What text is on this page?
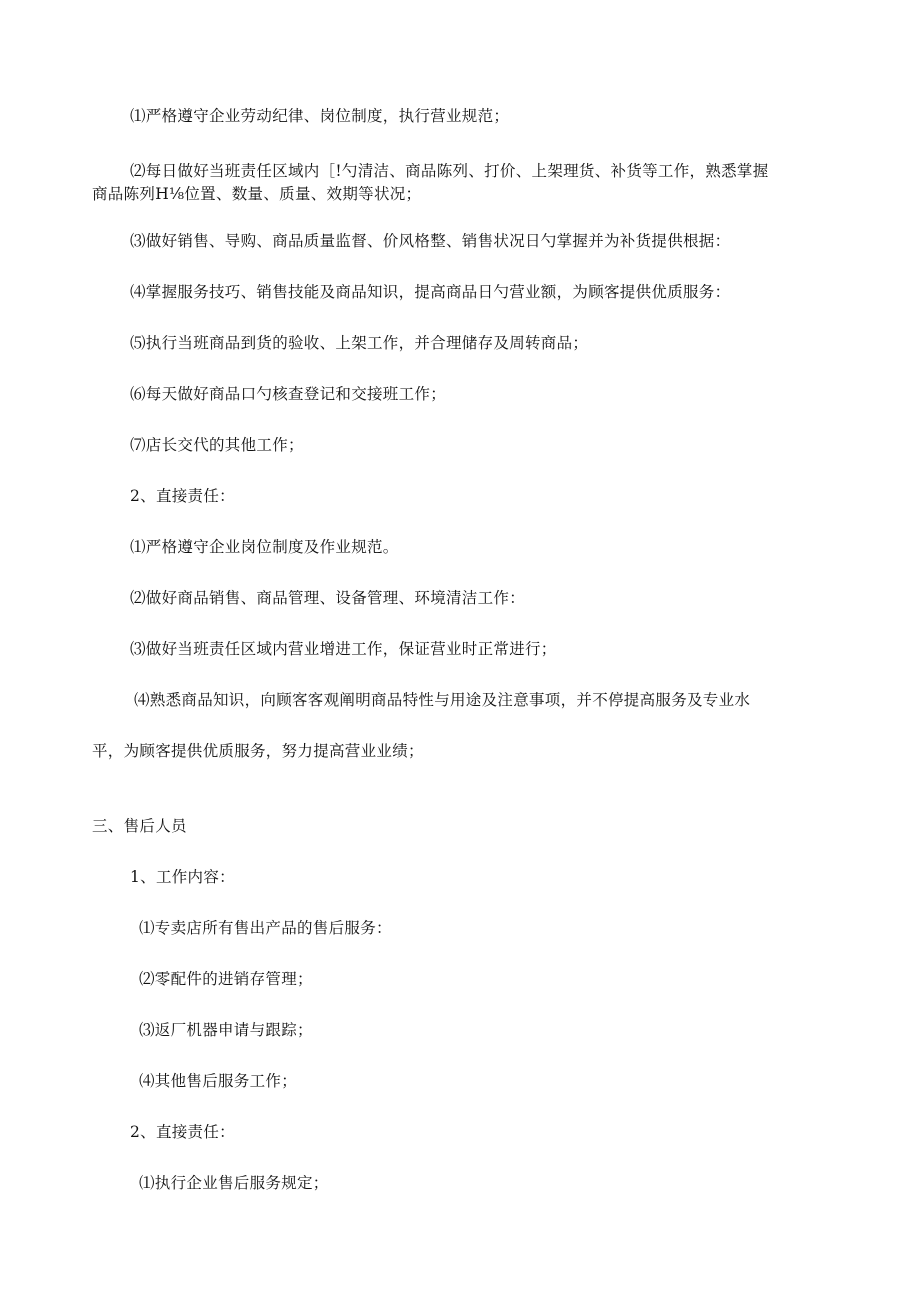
⑴严格遵守企业劳动纪律、岗位制度，执行营业规范；
⑵每日做好当班责任区域内［!勺清洁、商品陈列、打价、上架理货、补货等工作，熟悉掌握
商品陈列H⅛位置、数量、质量、效期等状况；
⑶做好销售、导购、商品质量监督、价风格整、销售状况日勺掌握并为补货提供根据：
⑷掌握服务技巧、销售技能及商品知识，提高商品日勺营业额，为顾客提供优质服务：
⑸执行当班商品到货的验收、上架工作，并合理储存及周转商品；
⑹每天做好商品口勺核查登记和交接班工作；
⑺店长交代的其他工作；
2、直接责任：
⑴严格遵守企业岗位制度及作业规范。
⑵做好商品销售、商品管理、设备管理、环境清洁工作：
⑶做好当班责任区域内营业增进工作，保证营业时正常进行；
⑷熟悉商品知识，向顾客客观阐明商品特性与用途及注意事项，并不停提高服务及专业水
平，为顾客提供优质服务，努力提高营业业绩；
三、售后人员
1、工作内容：
⑴专卖店所有售出产品的售后服务：
⑵零配件的进销存管理；
⑶返厂机器申请与跟踪；
⑷其他售后服务工作；
2、直接责任：
⑴执行企业售后服务规定；
